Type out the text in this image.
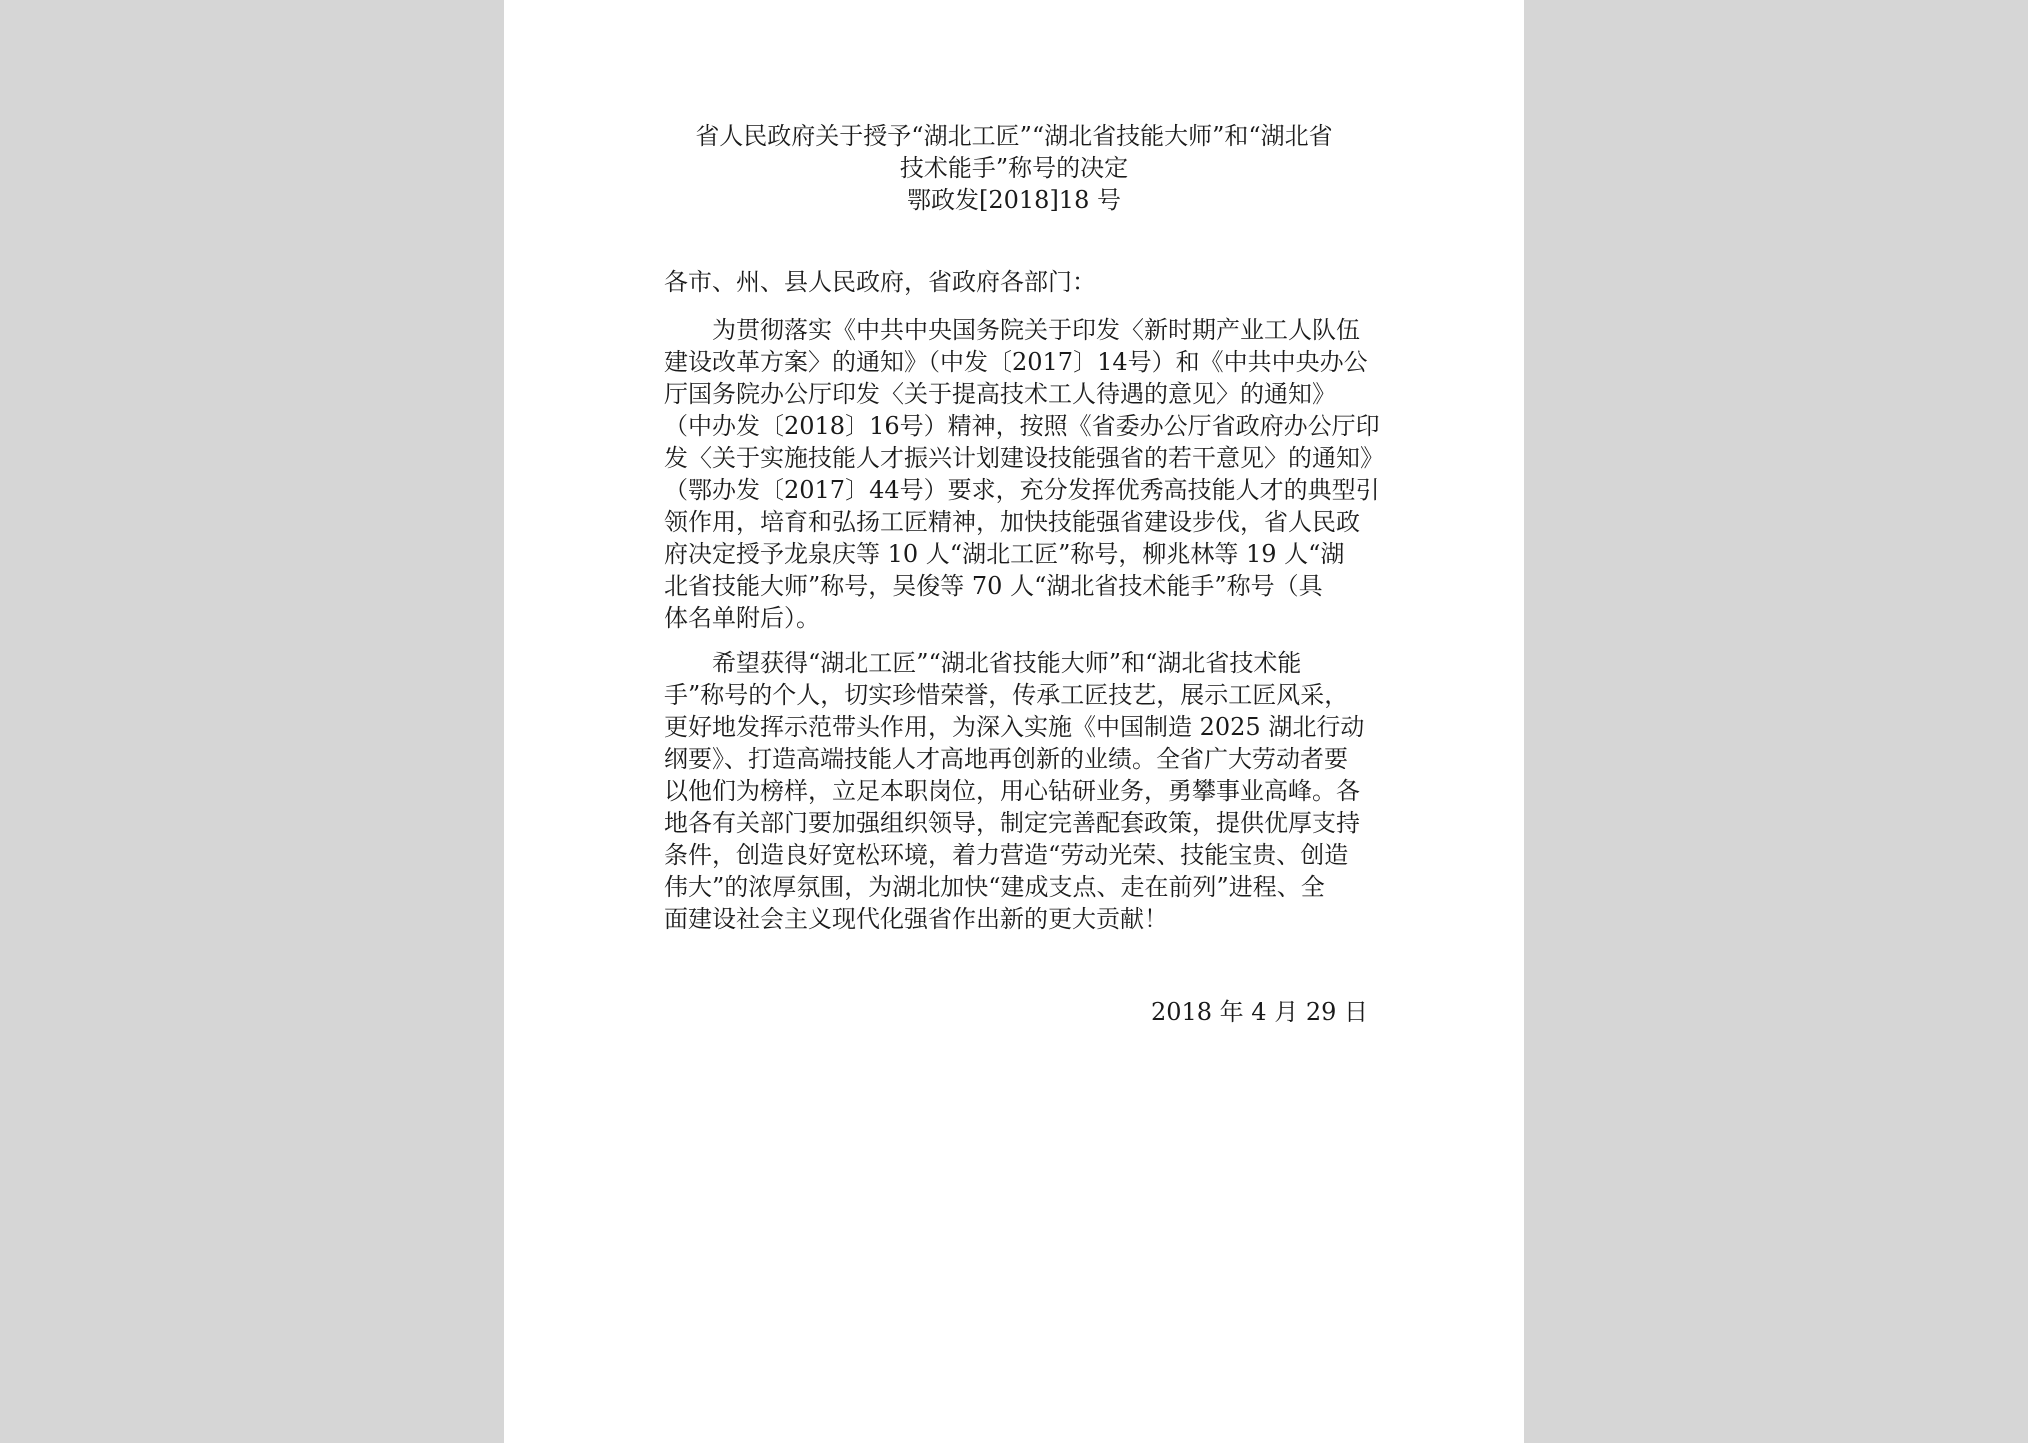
省人民政府关于授予“湖北工匠”“湖北省技能大师”和“湖北省
技术能手”称号的决定
鄂政发[2018]18 号
各市、州、县人民政府，省政府各部门：
为贯彻落实《中共中央国务院关于印发〈新时期产业工人队伍
建设改革方案〉的通知》（中发〔2017〕14号）和《中共中央办公
厅国务院办公厅印发〈关于提高技术工人待遇的意见〉的通知》
（中办发〔2018〕16号）精神，按照《省委办公厅省政府办公厅印
发〈关于实施技能人才振兴计划建设技能强省的若干意见〉的通知》
（鄂办发〔2017〕44号）要求，充分发挥优秀高技能人才的典型引
领作用，培育和弘扬工匠精神，加快技能强省建设步伐，省人民政
府决定授予龙泉庆等 10 人“湖北工匠”称号，柳兆林等 19 人“湖
北省技能大师”称号，吴俊等 70 人“湖北省技术能手”称号（具
体名单附后）。
希望获得“湖北工匠”“湖北省技能大师”和“湖北省技术能
手”称号的个人，切实珍惜荣誉，传承工匠技艺，展示工匠风采，
更好地发挥示范带头作用，为深入实施《中国制造 2025 湖北行动
纲要》、打造高端技能人才高地再创新的业绩。全省广大劳动者要
以他们为榜样，立足本职岗位，用心钻研业务，勇攀事业高峰。各
地各有关部门要加强组织领导，制定完善配套政策，提供优厚支持
条件，创造良好宽松环境，着力营造“劳动光荣、技能宝贵、创造
伟大”的浓厚氛围，为湖北加快“建成支点、走在前列”进程、全
面建设社会主义现代化强省作出新的更大贡献！
2018 年 4 月 29 日
